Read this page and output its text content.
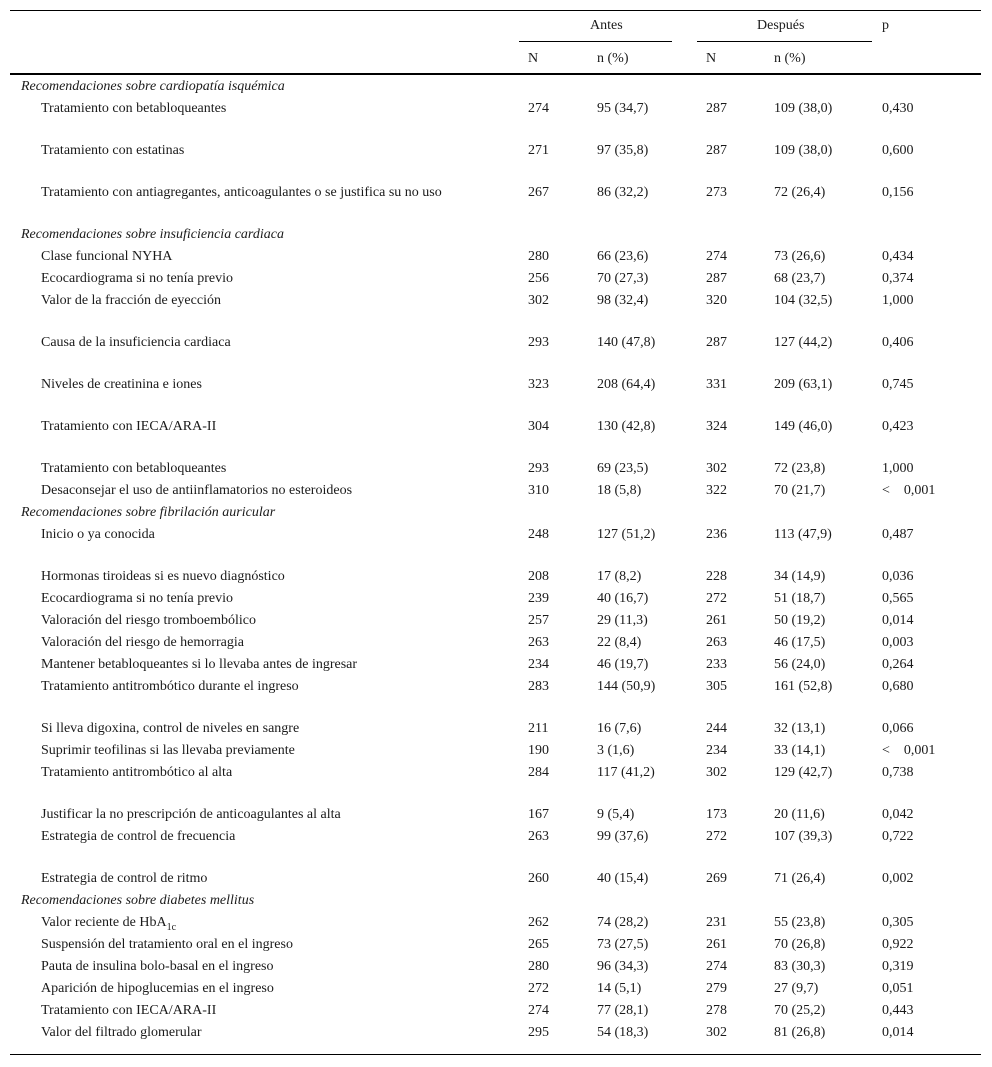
Antes	Después	p
N	n (%)	N	n (%)
Recomendaciones sobre cardiopatía isquémica
Tratamiento con betabloqueantes	274	95 (34,7)	287	109 (38,0)	0,430
Tratamiento con estatinas	271	97 (35,8)	287	109 (38,0)	0,600
Tratamiento con antiagregantes, anticoagulantes o se justifica su no uso	267	86 (32,2)	273	72 (26,4)	0,156
Recomendaciones sobre insuficiencia cardiaca
Clase funcional NYHA	280	66 (23,6)	274	73 (26,6)	0,434
Ecocardiograma si no tenía previo	256	70 (27,3)	287	68 (23,7)	0,374
Valor de la fracción de eyección	302	98 (32,4)	320	104 (32,5)	1,000
Causa de la insuficiencia cardiaca	293	140 (47,8)	287	127 (44,2)	0,406
Niveles de creatinina e iones	323	208 (64,4)	331	209 (63,1)	0,745
Tratamiento con IECA/ARA-II	304	130 (42,8)	324	149 (46,0)	0,423
Tratamiento con betabloqueantes	293	69 (23,5)	302	72 (23,8)	1,000
Desaconsejar el uso de antiinflamatorios no esteroideos	310	18 (5,8)	322	70 (21,7)	<    0,001
Recomendaciones sobre fibrilación auricular
Inicio o ya conocida	248	127 (51,2)	236	113 (47,9)	0,487
Hormonas tiroideas si es nuevo diagnóstico	208	17 (8,2)	228	34 (14,9)	0,036
Ecocardiograma si no tenía previo	239	40 (16,7)	272	51 (18,7)	0,565
Valoración del riesgo tromboembólico	257	29 (11,3)	261	50 (19,2)	0,014
Valoración del riesgo de hemorragia	263	22 (8,4)	263	46 (17,5)	0,003
Mantener betabloqueantes si lo llevaba antes de ingresar	234	46 (19,7)	233	56 (24,0)	0,264
Tratamiento antitrombótico durante el ingreso	283	144 (50,9)	305	161 (52,8)	0,680
Si lleva digoxina, control de niveles en sangre	211	16 (7,6)	244	32 (13,1)	0,066
Suprimir teofilinas si las llevaba previamente	190	3 (1,6)	234	33 (14,1)	<    0,001
Tratamiento antitrombótico al alta	284	117 (41,2)	302	129 (42,7)	0,738
Justificar la no prescripción de anticoagulantes al alta	167	9 (5,4)	173	20 (11,6)	0,042
Estrategia de control de frecuencia	263	99 (37,6)	272	107 (39,3)	0,722
Estrategia de control de ritmo	260	40 (15,4)	269	71 (26,4)	0,002
Recomendaciones sobre diabetes mellitus
Valor reciente de HbA$_{1c}$	262	74 (28,2)	231	55 (23,8)	0,305
Suspensión del tratamiento oral en el ingreso	265	73 (27,5)	261	70 (26,8)	0,922
Pauta de insulina bolo-basal en el ingreso	280	96 (34,3)	274	83 (30,3)	0,319
Aparición de hipoglucemias en el ingreso	272	14 (5,1)	279	27 (9,7)	0,051
Tratamiento con IECA/ARA-II	274	77 (28,1)	278	70 (25,2)	0,443
Valor del filtrado glomerular	295	54 (18,3)	302	81 (26,8)	0,014
